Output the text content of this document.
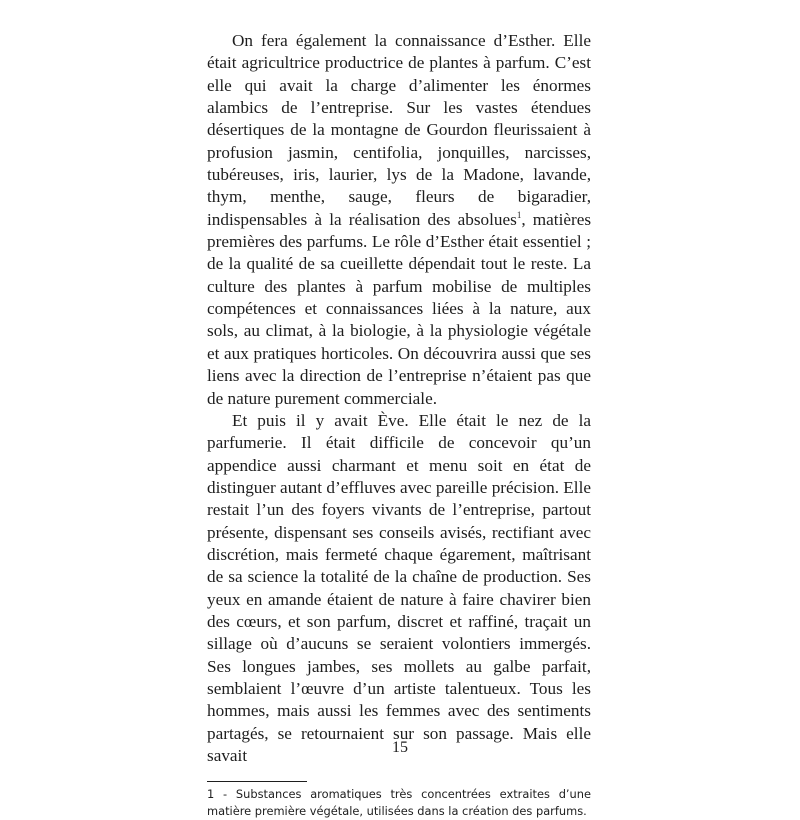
On fera également la connaissance d’Esther. Elle était agricultrice productrice de plantes à parfum. C’est elle qui avait la charge d’alimenter les énormes alambics de l’entreprise. Sur les vastes étendues désertiques de la montagne de Gourdon fleurissaient à profusion jasmin, centifolia, jonquilles, narcisses, tubéreuses, iris, laurier, lys de la Madone, lavande, thym, menthe, sauge, fleurs de bigaradier, indispensables à la réalisation des absolues$^1$, matières premières des parfums. Le rôle d’Esther était essentiel ; de la qualité de sa cueillette dépendait tout le reste. La culture des plantes à parfum mobilise de multiples compétences et connaissances liées à la nature, aux sols, au climat, à la biologie, à la physiologie végétale et aux pratiques horticoles. On découvrira aussi que ses liens avec la direction de l’entreprise n’étaient pas que de nature purement commerciale.

Et puis il y avait Ève. Elle était le nez de la parfumerie. Il était difficile de concevoir qu’un appendice aussi charmant et menu soit en état de distinguer autant d’effluves avec pareille précision. Elle restait l’un des foyers vivants de l’entreprise, partout présente, dispensant ses conseils avisés, rectifiant avec discrétion, mais fermeté chaque égarement, maîtrisant de sa science la totalité de la chaîne de production. Ses yeux en amande étaient de nature à faire chavirer bien des cœurs, et son parfum, discret et raffiné, traçait un sillage où d’aucuns se seraient volontiers immergés. Ses longues jambes, ses mollets au galbe parfait, semblaient l’œuvre d’un artiste talentueux. Tous les hommes, mais aussi les femmes avec des sentiments partagés, se retournaient sur son passage. Mais elle savait

1 - Substances aromatiques très concentrées extraites d’une matière première végétale, utilisées dans la création des parfums.
15
